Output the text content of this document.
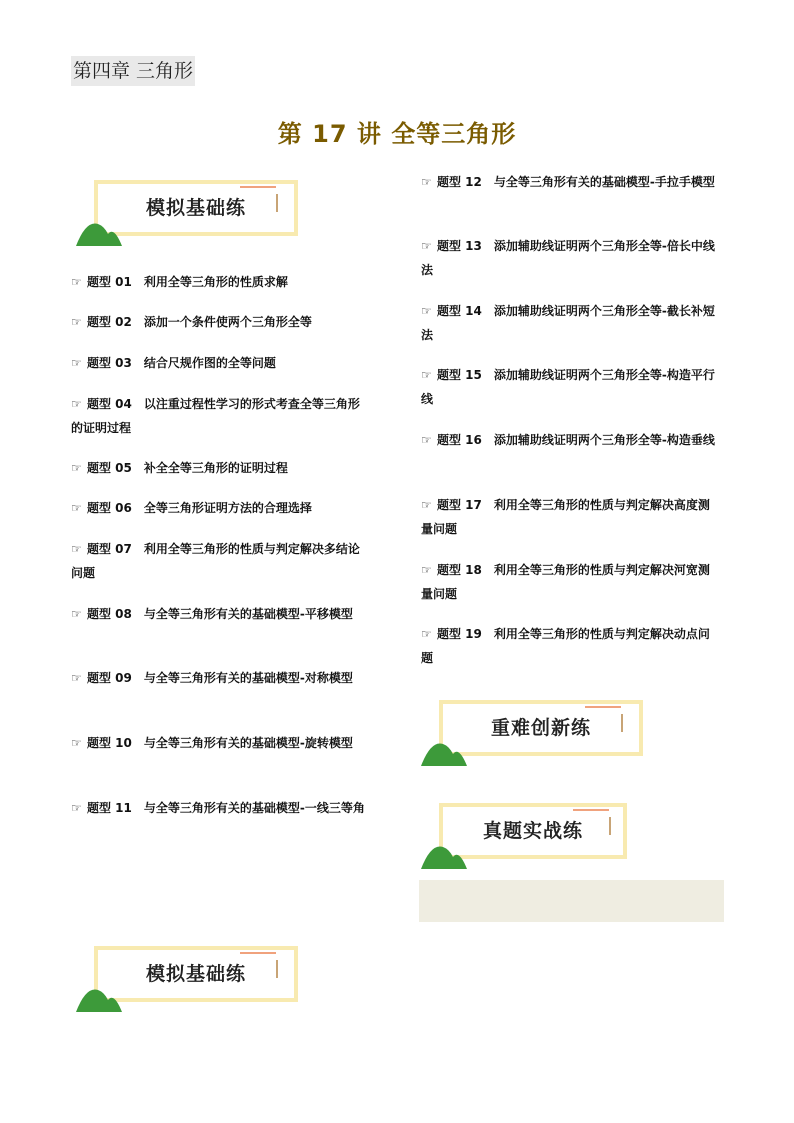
第四章 三角形
第 17 讲 全等三角形
模拟基础练
重难创新练
真题实战练
模拟基础练
☞ 题型 01 利用全等三角形的性质求解
☞ 题型 02 添加一个条件使两个三角形全等
☞ 题型 03 结合尺规作图的全等问题
☞ 题型 04 以注重过程性学习的形式考查全等三角形的证明过程
☞ 题型 05 补全全等三角形的证明过程
☞ 题型 06 全等三角形证明方法的合理选择
☞ 题型 07 利用全等三角形的性质与判定解决多结论问题
☞ 题型 08 与全等三角形有关的基础模型-平移模型
☞ 题型 09 与全等三角形有关的基础模型-对称模型
☞ 题型 10 与全等三角形有关的基础模型-旋转模型
☞ 题型 11 与全等三角形有关的基础模型-一线三等角
☞ 题型 12 与全等三角形有关的基础模型-手拉手模型
☞ 题型 13 添加辅助线证明两个三角形全等-倍长中线法
☞ 题型 14 添加辅助线证明两个三角形全等-截长补短法
☞ 题型 15 添加辅助线证明两个三角形全等-构造平行线
☞ 题型 16 添加辅助线证明两个三角形全等-构造垂线
☞ 题型 17 利用全等三角形的性质与判定解决高度测量问题
☞ 题型 18 利用全等三角形的性质与判定解决河宽测量问题
☞ 题型 19 利用全等三角形的性质与判定解决动点问题
